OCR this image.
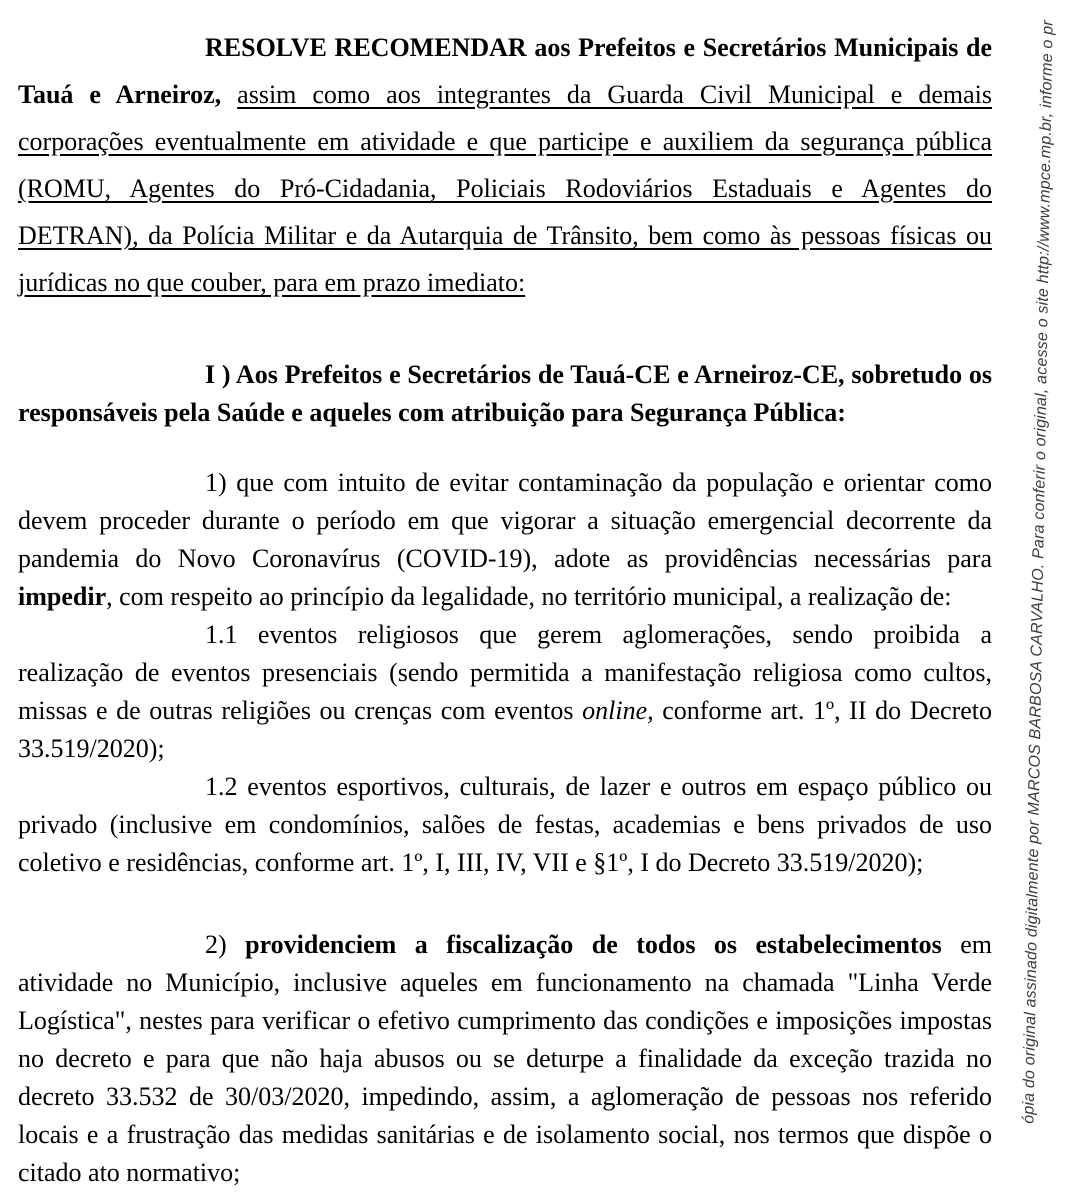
RESOLVE RECOMENDAR aos Prefeitos e Secretários Municipais de Tauá e Arneiroz, assim como aos integrantes da Guarda Civil Municipal e demais corporações eventualmente em atividade e que participe e auxiliem da segurança pública (ROMU, Agentes do Pró-Cidadania, Policiais Rodoviários Estaduais e Agentes do DETRAN), da Polícia Militar e da Autarquia de Trânsito, bem como às pessoas físicas ou jurídicas no que couber, para em prazo imediato:

I ) Aos Prefeitos e Secretários de Tauá-CE e Arneiroz-CE, sobretudo os responsáveis pela Saúde e aqueles com atribuição para Segurança Pública:

1) que com intuito de evitar contaminação da população e orientar como devem proceder durante o período em que vigorar a situação emergencial decorrente da pandemia do Novo Coronavírus (COVID-19), adote as providências necessárias para impedir, com respeito ao princípio da legalidade, no território municipal, a realização de:

1.1 eventos religiosos que gerem aglomerações, sendo proibida a realização de eventos presenciais (sendo permitida a manifestação religiosa como cultos, missas e de outras religiões ou crenças com eventos online, conforme art. 1º, II do Decreto 33.519/2020);

1.2 eventos esportivos, culturais, de lazer e outros em espaço público ou privado (inclusive em condomínios, salões de festas, academias e bens privados de uso coletivo e residências, conforme art. 1º, I, III, IV, VII e §1º, I do Decreto 33.519/2020);

2) providenciem a fiscalização de todos os estabelecimentos em atividade no Município, inclusive aqueles em funcionamento na chamada "Linha Verde Logística", nestes para verificar o efetivo cumprimento das condições e imposições impostas no decreto e para que não haja abusos ou se deturpe a finalidade da exceção trazida no decreto 33.532 de 30/03/2020, impedindo, assim, a aglomeração de pessoas nos referido locais e a frustração das medidas sanitárias e de isolamento social, nos termos que dispõe o citado ato normativo;

ópia do original assinado digitalmente por MARCOS BARBOSA CARVALHO. Para conferir o original, acesse o site http://www.mpce.mp.br, informe o pr
